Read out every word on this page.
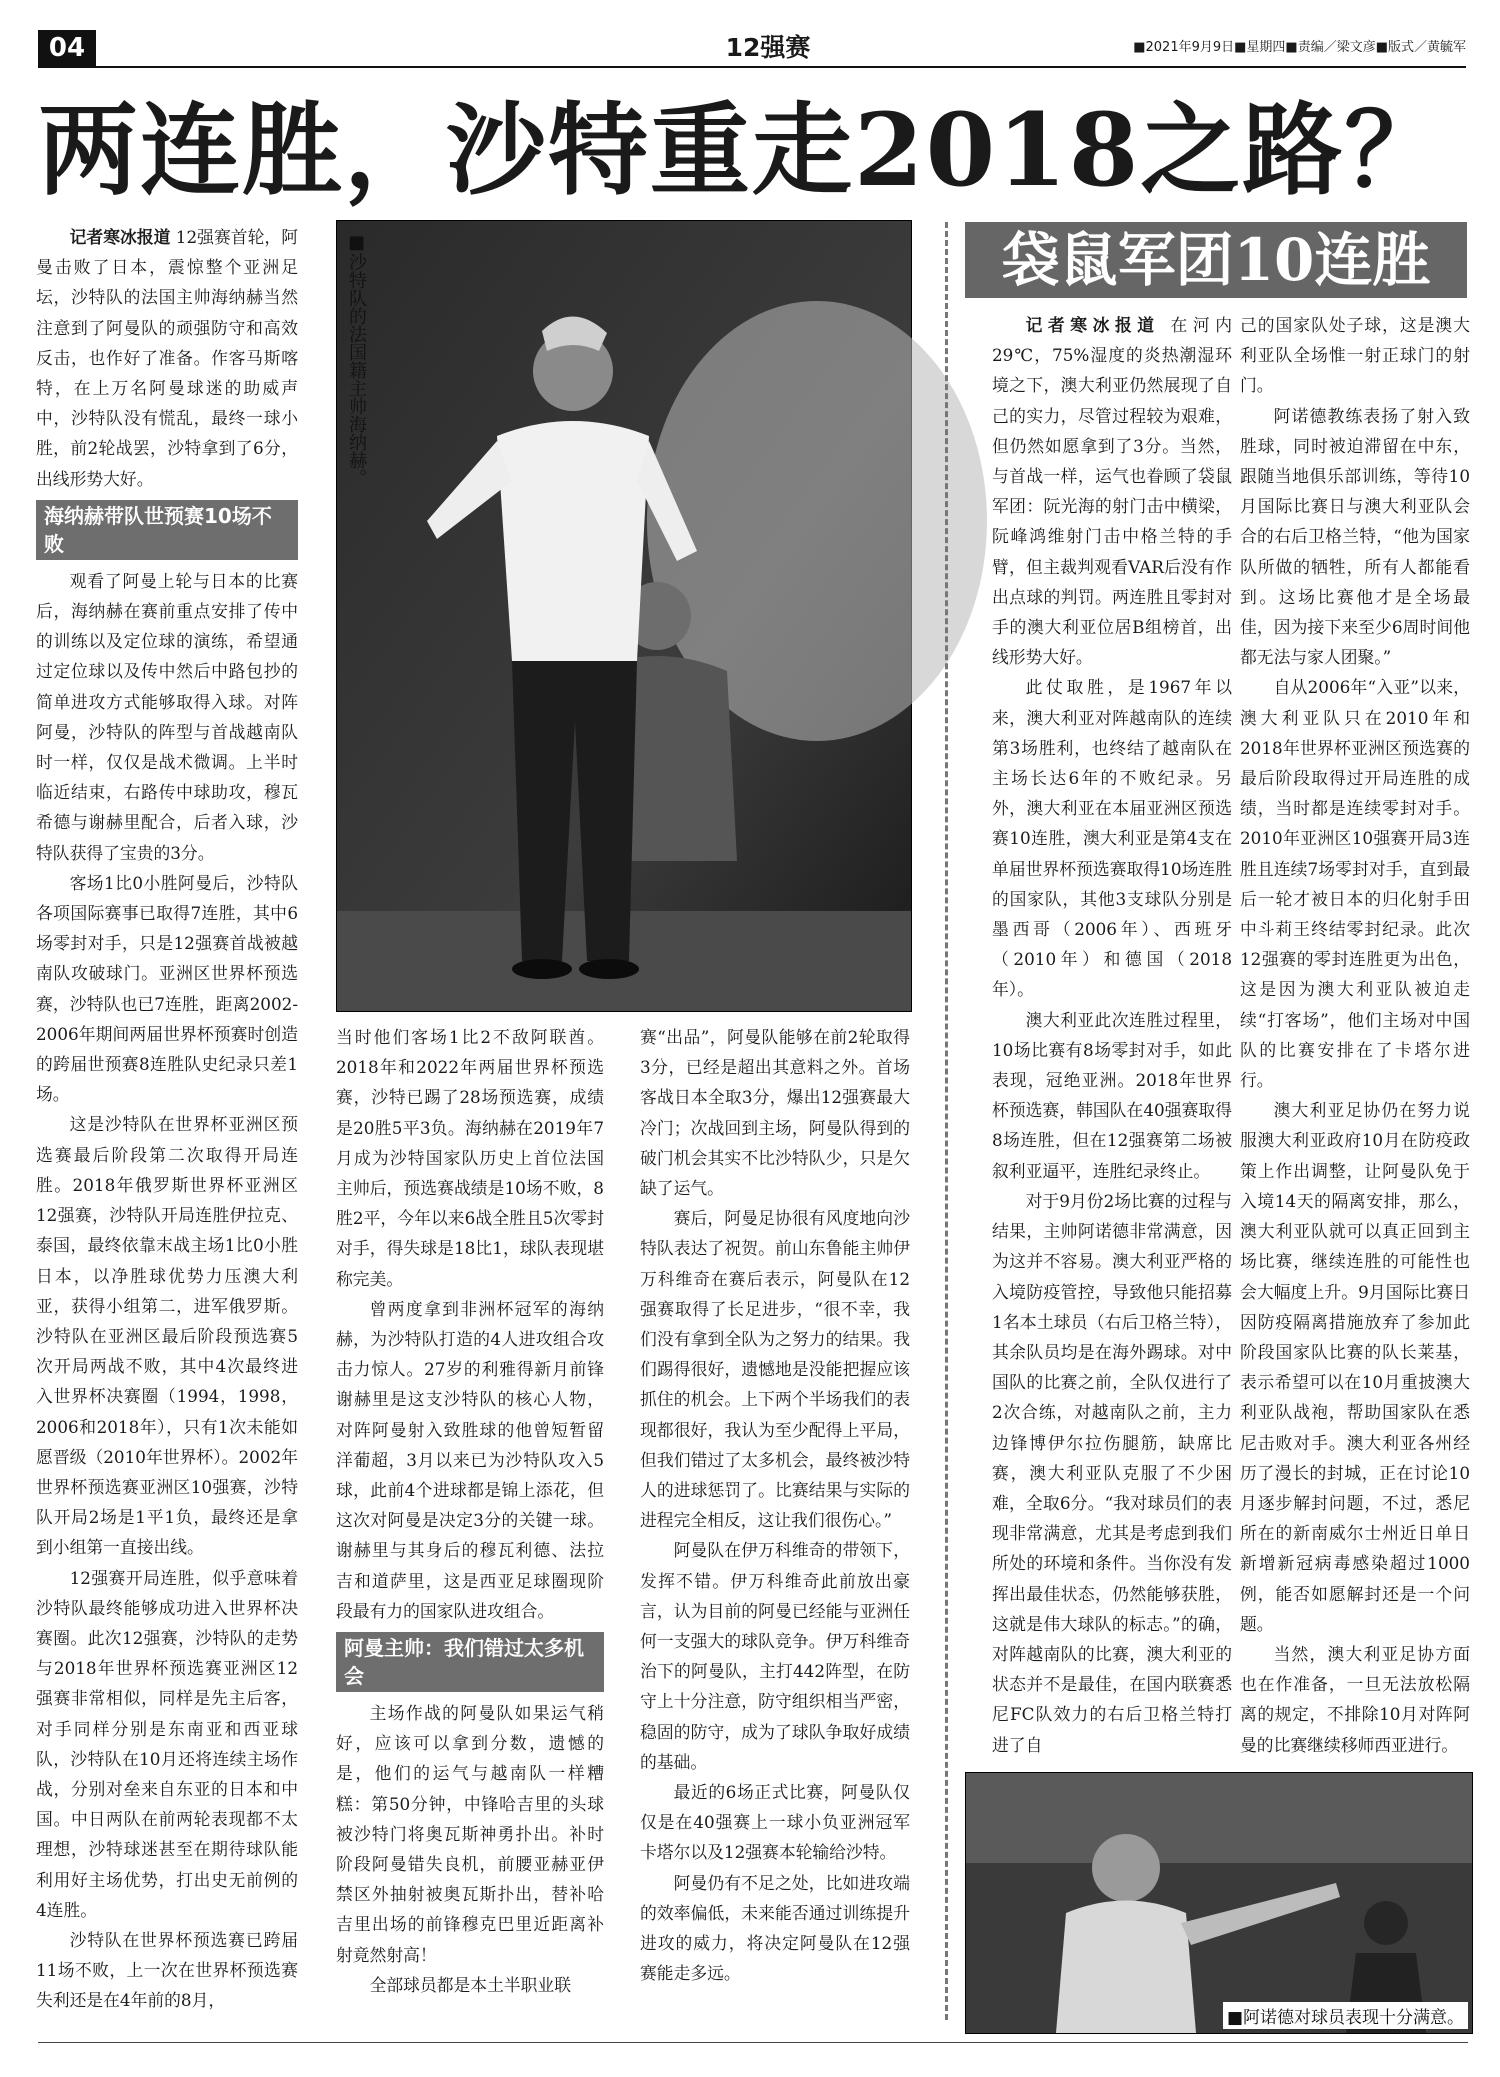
04	12强赛	■2021年9月9日■星期四■责编／梁文彦■版式／黄毓军
两连胜，沙特重走2018之路？

记者寒冰报道 12强赛首轮，阿曼击败了日本，震惊整个亚洲足坛，沙特队的法国主帅海纳赫当然注意到了阿曼队的顽强防守和高效反击，也作好了准备。作客马斯喀特，在上万名阿曼球迷的助威声中，沙特队没有慌乱，最终一球小胜，前2轮战罢，沙特拿到了6分，出线形势大好。

海纳赫带队世预赛10场不败

观看了阿曼上轮与日本的比赛后，海纳赫在赛前重点安排了传中的训练以及定位球的演练，希望通过定位球以及传中然后中路包抄的简单进攻方式能够取得入球。对阵阿曼，沙特队的阵型与首战越南队时一样，仅仅是战术微调。上半时临近结束，右路传中球助攻，穆瓦希德与谢赫里配合，后者入球，沙特队获得了宝贵的3分。

客场1比0小胜阿曼后，沙特队各项国际赛事已取得7连胜，其中6场零封对手，只是12强赛首战被越南队攻破球门。亚洲区世界杯预选赛，沙特队也已7连胜，距离2002-2006年期间两届世界杯预赛时创造的跨届世预赛8连胜队史纪录只差1场。

这是沙特队在世界杯亚洲区预选赛最后阶段第二次取得开局连胜。2018年俄罗斯世界杯亚洲区12强赛，沙特队开局连胜伊拉克、泰国，最终依靠末战主场1比0小胜日本，以净胜球优势力压澳大利亚，获得小组第二，进军俄罗斯。沙特队在亚洲区最后阶段预选赛5次开局两战不败，其中4次最终进入世界杯决赛圈（1994，1998，2006和2018年），只有1次未能如愿晋级（2010年世界杯）。2002年世界杯预选赛亚洲区10强赛，沙特队开局2场是1平1负，最终还是拿到小组第一直接出线。

12强赛开局连胜，似乎意味着沙特队最终能够成功进入世界杯决赛圈。此次12强赛，沙特队的走势与2018年世界杯预选赛亚洲区12强赛非常相似，同样是先主后客，对手同样分别是东南亚和西亚球队，沙特队在10月还将连续主场作战，分别对垒来自东亚的日本和中国。中日两队在前两轮表现都不太理想，沙特球迷甚至在期待球队能利用好主场优势，打出史无前例的4连胜。

沙特队在世界杯预选赛已跨届11场不败，上一次在世界杯预选赛失利还是在4年前的8月，

■沙特队的法国籍主帅海纳赫。

当时他们客场1比2不敌阿联酋。2018年和2022年两届世界杯预选赛，沙特已踢了28场预选赛，成绩是20胜5平3负。海纳赫在2019年7月成为沙特国家队历史上首位法国主帅后，预选赛战绩是10场不败，8胜2平，今年以来6战全胜且5次零封对手，得失球是18比1，球队表现堪称完美。

曾两度拿到非洲杯冠军的海纳赫，为沙特队打造的4人进攻组合攻击力惊人。27岁的利雅得新月前锋谢赫里是这支沙特队的核心人物，对阵阿曼射入致胜球的他曾短暂留洋葡超，3月以来已为沙特队攻入5球，此前4个进球都是锦上添花，但这次对阿曼是决定3分的关键一球。谢赫里与其身后的穆瓦利德、法拉吉和道萨里，这是西亚足球圈现阶段最有力的国家队进攻组合。

阿曼主帅：我们错过太多机会

主场作战的阿曼队如果运气稍好，应该可以拿到分数，遗憾的是，他们的运气与越南队一样糟糕：第50分钟，中锋哈吉里的头球被沙特门将奥瓦斯神勇扑出。补时阶段阿曼错失良机，前腰亚赫亚伊禁区外抽射被奥瓦斯扑出，替补哈吉里出场的前锋穆克巴里近距离补射竟然射高！

全部球员都是本土半职业联

赛“出品”，阿曼队能够在前2轮取得3分，已经是超出其意料之外。首场客战日本全取3分，爆出12强赛最大冷门；次战回到主场，阿曼队得到的破门机会其实不比沙特队少，只是欠缺了运气。

赛后，阿曼足协很有风度地向沙特队表达了祝贺。前山东鲁能主帅伊万科维奇在赛后表示，阿曼队在12强赛取得了长足进步，“很不幸，我们没有拿到全队为之努力的结果。我们踢得很好，遗憾地是没能把握应该抓住的机会。上下两个半场我们的表现都很好，我认为至少配得上平局，但我们错过了太多机会，最终被沙特人的进球惩罚了。比赛结果与实际的进程完全相反，这让我们很伤心。”

阿曼队在伊万科维奇的带领下，发挥不错。伊万科维奇此前放出豪言，认为目前的阿曼已经能与亚洲任何一支强大的球队竞争。伊万科维奇治下的阿曼队，主打442阵型，在防守上十分注意，防守组织相当严密，稳固的防守，成为了球队争取好成绩的基础。

最近的6场正式比赛，阿曼队仅仅是在40强赛上一球小负亚洲冠军卡塔尔以及12强赛本轮输给沙特。

阿曼仍有不足之处，比如进攻端的效率偏低，未来能否通过训练提升进攻的威力，将决定阿曼队在12强赛能走多远。

袋鼠军团10连胜

记者寒冰报道 在河内29℃，75%湿度的炎热潮湿环境之下，澳大利亚仍然展现了自己的实力，尽管过程较为艰难，但仍然如愿拿到了3分。当然，与首战一样，运气也眷顾了袋鼠军团：阮光海的射门击中横梁，阮峰鸿维射门击中格兰特的手臂，但主裁判观看VAR后没有作出点球的判罚。两连胜且零封对手的澳大利亚位居B组榜首，出线形势大好。

此仗取胜，是1967年以来，澳大利亚对阵越南队的连续第3场胜利，也终结了越南队在主场长达6年的不败纪录。另外，澳大利亚在本届亚洲区预选赛10连胜，澳大利亚是第4支在单届世界杯预选赛取得10场连胜的国家队，其他3支球队分别是墨西哥（2006年）、西班牙（2010年）和德国（2018年）。

澳大利亚此次连胜过程里，10场比赛有8场零封对手，如此表现，冠绝亚洲。2018年世界杯预选赛，韩国队在40强赛取得8场连胜，但在12强赛第二场被叙利亚逼平，连胜纪录终止。

对于9月份2场比赛的过程与结果，主帅阿诺德非常满意，因为这并不容易。澳大利亚严格的入境防疫管控，导致他只能招募1名本土球员（右后卫格兰特），其余队员均是在海外踢球。对中国队的比赛之前，全队仅进行了2次合练，对越南队之前，主力边锋博伊尔拉伤腿筋，缺席比赛，澳大利亚队克服了不少困难，全取6分。“我对球员们的表现非常满意，尤其是考虑到我们所处的环境和条件。当你没有发挥出最佳状态，仍然能够获胜，这就是伟大球队的标志。”的确，对阵越南队的比赛，澳大利亚的状态并不是最佳，在国内联赛悉尼FC队效力的右后卫格兰特打进了自

己的国家队处子球，这是澳大利亚队全场惟一射正球门的射门。

阿诺德教练表扬了射入致胜球，同时被迫滞留在中东，跟随当地俱乐部训练，等待10月国际比赛日与澳大利亚队会合的右后卫格兰特，“他为国家队所做的牺牲，所有人都能看到。这场比赛他才是全场最佳，因为接下来至少6周时间他都无法与家人团聚。”

自从2006年“入亚”以来，澳大利亚队只在2010年和2018年世界杯亚洲区预选赛的最后阶段取得过开局连胜的成绩，当时都是连续零封对手。2010年亚洲区10强赛开局3连胜且连续7场零封对手，直到最后一轮才被日本的归化射手田中斗莉王终结零封纪录。此次12强赛的零封连胜更为出色，这是因为澳大利亚队被迫走续“打客场”，他们主场对中国队的比赛安排在了卡塔尔进行。

澳大利亚足协仍在努力说服澳大利亚政府10月在防疫政策上作出调整，让阿曼队免于入境14天的隔离安排，那么，澳大利亚队就可以真正回到主场比赛，继续连胜的可能性也会大幅度上升。9月国际比赛日因防疫隔离措施放弃了参加此阶段国家队比赛的队长莱基，表示希望可以在10月重披澳大利亚队战袍，帮助国家队在悉尼击败对手。澳大利亚各州经历了漫长的封城，正在讨论10月逐步解封问题，不过，悉尼所在的新南威尔士州近日单日新增新冠病毒感染超过1000例，能否如愿解封还是一个问题。

当然，澳大利亚足协方面也在作准备，一旦无法放松隔离的规定，不排除10月对阵阿曼的比赛继续移师西亚进行。

■阿诺德对球员表现十分满意。
